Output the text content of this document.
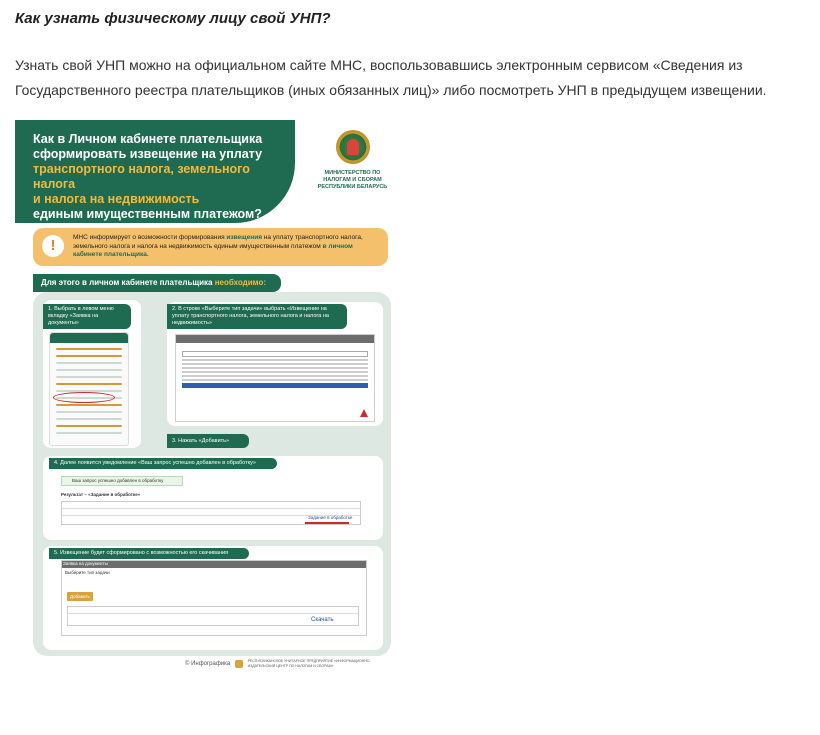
Как узнать физическому лицу свой УНП?
Узнать свой УНП можно на официальном сайте МНС, воспользовавшись электронным сервисом «Сведения из Государственного реестра плательщиков (иных обязанных лиц)» либо посмотреть УНП в предыдущем извещении.
Как в Личном кабинете плательщика
сформировать извещение на уплату
транспортного налога, земельного налога
и налога на недвижимость
единым имущественным платежом?
МИНИСТЕРСТВО ПО НАЛОГАМ И СБОРАМ РЕСПУБЛИКИ БЕЛАРУСЬ
!	МНС информирует о возможности формирования извещения на уплату транспортного налога, земельного налога и налога на недвижимость единым имущественным платежом в личном кабинете плательщика.
Для этого в личном кабинете плательщика необходимо:
1. Выбрать в левом меню вкладку «Заявка на документы»
2. В строке «Выберите тип задачи» выбрать «Извещение на уплату транспортного налога, земельного налога и налога на недвижимость»
3. Нажать «Добавить»
4. Далее появится уведомление «Ваш запрос успешно добавлен в обработку»
Ваш запрос успешно добавлен в обработку
Результат – «Задание в обработке»
Задание в обработке
5. Извещение будет сформировано с возможностью его скачивания
Заявка на документы
Выберите тип задачи
Добавить
Скачать
© Инфографика  РЕСПУБЛИКАНСКОЕ УНИТАРНОЕ ПРЕДПРИЯТИЕ «ИНФОРМАЦИОННО-ИЗДАТЕЛЬСКИЙ ЦЕНТР ПО НАЛОГАМ И СБОРАМ»
